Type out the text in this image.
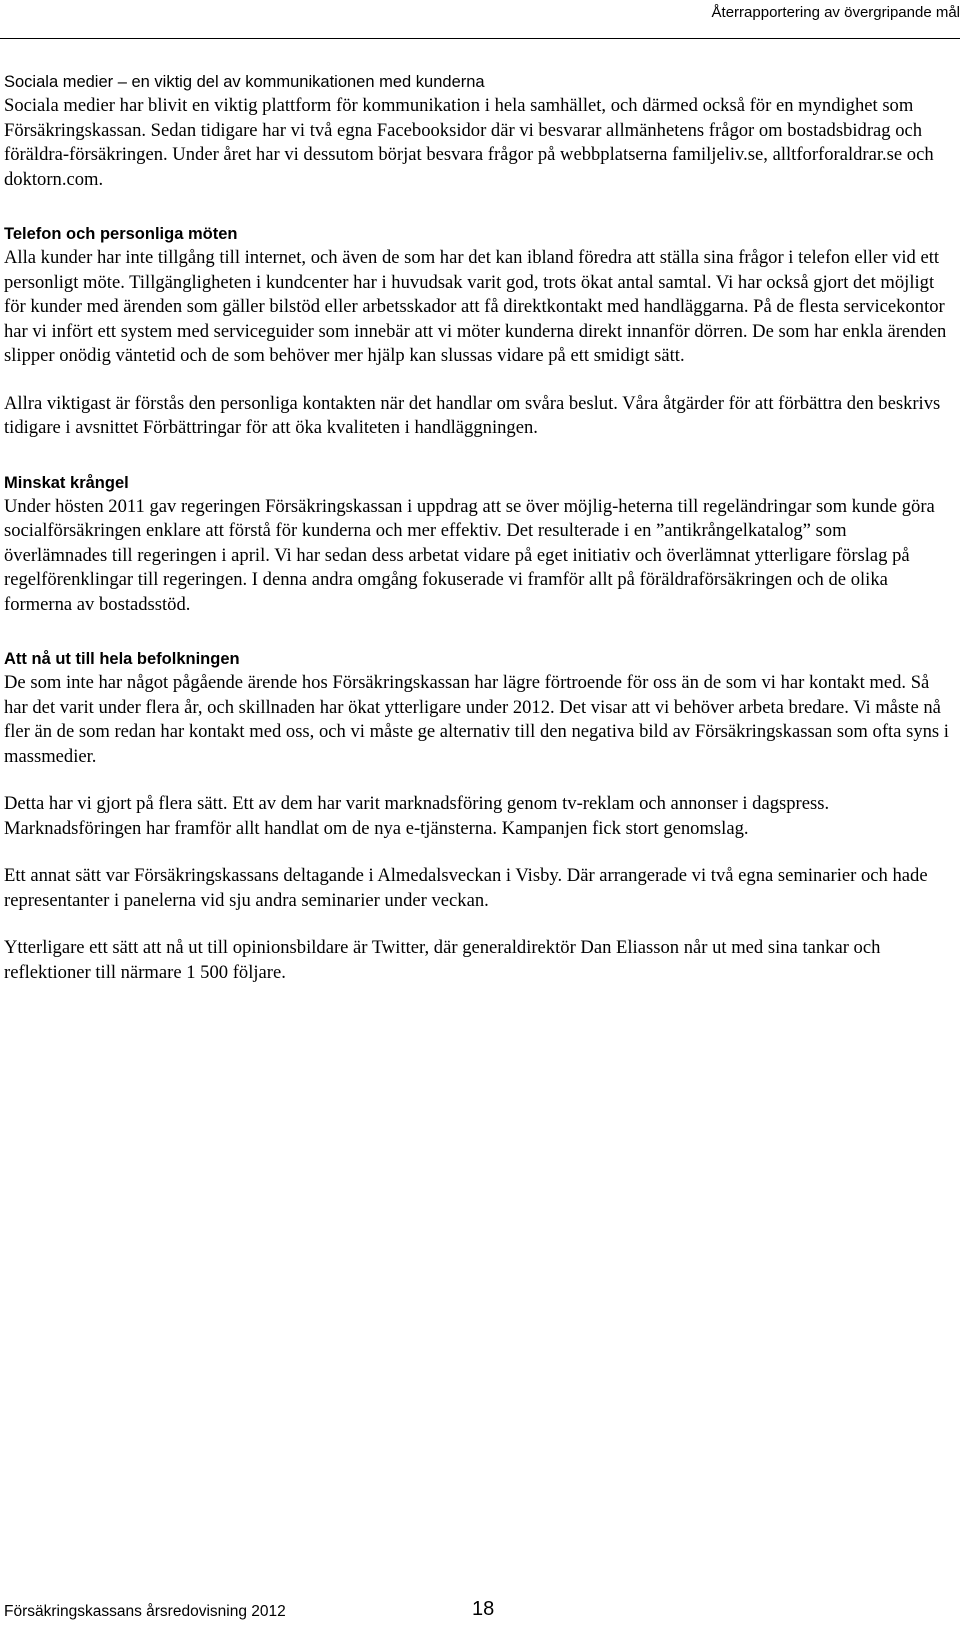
Återrapportering av övergripande mål
Sociala medier – en viktig del av kommunikationen med kunderna

Sociala medier har blivit en viktig plattform för kommunikation i hela samhället, och därmed också för en myndighet som Försäkringskassan. Sedan tidigare har vi två egna Facebooksidor där vi besvarar allmänhetens frågor om bostadsbidrag och föräldra-försäkringen. Under året har vi dessutom börjat besvara frågor på webbplatserna familjeliv.se, alltforforaldrar.se och doktorn.com.

Telefon och personliga möten

Alla kunder har inte tillgång till internet, och även de som har det kan ibland föredra att ställa sina frågor i telefon eller vid ett personligt möte. Tillgängligheten i kundcenter har i huvudsak varit god, trots ökat antal samtal. Vi har också gjort det möjligt för kunder med ärenden som gäller bilstöd eller arbetsskador att få direktkontakt med handläggarna. På de flesta servicekontor har vi infört ett system med serviceguider som innebär att vi möter kunderna direkt innanför dörren. De som har enkla ärenden slipper onödig väntetid och de som behöver mer hjälp kan slussas vidare på ett smidigt sätt.

Allra viktigast är förstås den personliga kontakten när det handlar om svåra beslut. Våra åtgärder för att förbättra den beskrivs tidigare i avsnittet Förbättringar för att öka kvaliteten i handläggningen.

Minskat krångel

Under hösten 2011 gav regeringen Försäkringskassan i uppdrag att se över möjlig-heterna till regeländringar som kunde göra socialförsäkringen enklare att förstå för kunderna och mer effektiv. Det resulterade i en ”antikrångelkatalog” som överlämnades till regeringen i april. Vi har sedan dess arbetat vidare på eget initiativ och överlämnat ytterligare förslag på regelförenklingar till regeringen. I denna andra omgång fokuserade vi framför allt på föräldraförsäkringen och de olika formerna av bostadsstöd.

Att nå ut till hela befolkningen

De som inte har något pågående ärende hos Försäkringskassan har lägre förtroende för oss än de som vi har kontakt med. Så har det varit under flera år, och skillnaden har ökat ytterligare under 2012. Det visar att vi behöver arbeta bredare. Vi måste nå fler än de som redan har kontakt med oss, och vi måste ge alternativ till den negativa bild av Försäkringskassan som ofta syns i massmedier.

Detta har vi gjort på flera sätt. Ett av dem har varit marknadsföring genom tv-reklam och annonser i dagspress. Marknadsföringen har framför allt handlat om de nya e-tjänsterna. Kampanjen fick stort genomslag.

Ett annat sätt var Försäkringskassans deltagande i Almedalsveckan i Visby. Där arrangerade vi två egna seminarier och hade representanter i panelerna vid sju andra seminarier under veckan.

Ytterligare ett sätt att nå ut till opinionsbildare är Twitter, där generaldirektör Dan Eliasson når ut med sina tankar och reflektioner till närmare 1 500 följare.

Försäkringskassans årsredovisning 2012	18
